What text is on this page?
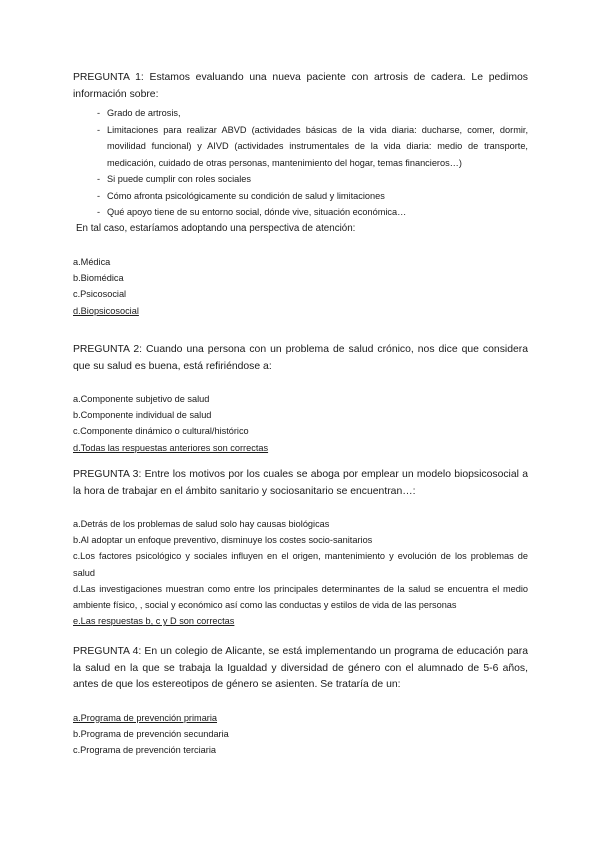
PREGUNTA 1: Estamos evaluando una nueva paciente con artrosis de cadera. Le pedimos información sobre:

- Grado de artrosis,
- Limitaciones para realizar ABVD (actividades básicas de la vida diaria: ducharse, comer, dormir, movilidad funcional) y AIVD (actividades instrumentales de la vida diaria: medio de transporte, medicación, cuidado de otras personas, mantenimiento del hogar, temas financieros…)
- Si puede cumplir con roles sociales
- Cómo afronta psicológicamente su condición de salud y limitaciones
- Qué apoyo tiene de su entorno social, dónde vive, situación económica…

En tal caso, estaríamos adoptando una perspectiva de atención:

a.Médica
b.Biomédica
c.Psicosocial
d.Biopsicosocial

PREGUNTA 2: Cuando una persona con un problema de salud crónico, nos dice que considera que su salud es buena, está refiriéndose a:

a.Componente subjetivo de salud
b.Componente individual de salud
c.Componente dinámico o cultural/histórico
d.Todas las respuestas anteriores son correctas

PREGUNTA 3: Entre los motivos por los cuales se aboga por emplear un modelo biopsicosocial a la hora de trabajar en el ámbito sanitario y sociosanitario se encuentran…:

a.Detrás de los problemas de salud solo hay causas biológicas
b.Al adoptar un enfoque preventivo, disminuye los costes socio-sanitarios
c.Los factores psicológico y sociales influyen en el origen, mantenimiento y evolución de los problemas de salud
d.Las investigaciones muestran como entre los principales determinantes de la salud se encuentra el medio ambiente físico, , social y económico así como las conductas y estilos de vida de las personas
e.Las respuestas b, c y D son correctas

PREGUNTA 4: En un colegio de Alicante, se está implementando un programa de educación para la salud en la que se trabaja la Igualdad y diversidad de género con el alumnado de 5-6 años, antes de que los estereotipos de género se asienten. Se trataría de un:

a.Programa de prevención primaria
b.Programa de prevención secundaria
c.Programa de prevención terciaria
